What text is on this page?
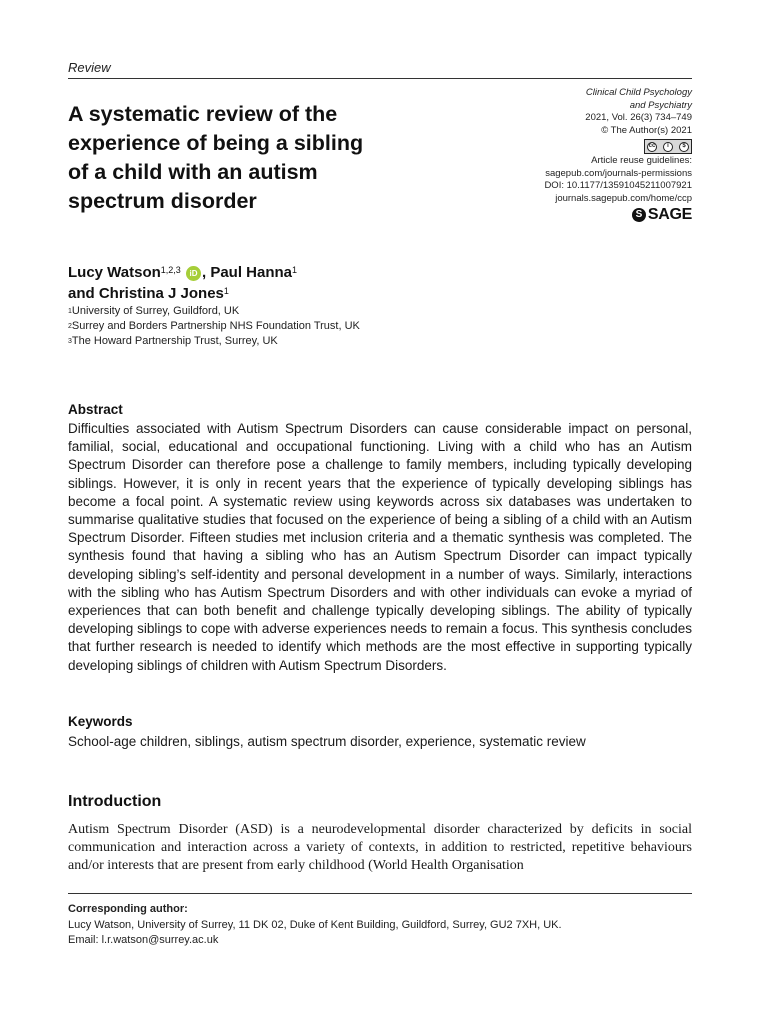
Review
A systematic review of the
experience of being a sibling
of a child with an autism
spectrum disorder
Clinical Child Psychology
and Psychiatry
2021, Vol. 26(3) 734–749
© The Author(s) 2021
cc	i	$
Article reuse guidelines:
sagepub.com/journals-permissions
DOI: 10.1177/13591045211007921
journals.sagepub.com/home/ccp
S SAGE
Lucy Watson$^{1,2,3}$ iD , Paul Hanna$^1$
and Christina J Jones$^1$
$^1$University of Surrey, Guildford, UK
$^2$Surrey and Borders Partnership NHS Foundation Trust, UK
$^3$The Howard Partnership Trust, Surrey, UK
Abstract

Difficulties associated with Autism Spectrum Disorders can cause considerable impact on personal, familial, social, educational and occupational functioning. Living with a child who has an Autism Spectrum Disorder can therefore pose a challenge to family members, including typically developing siblings. However, it is only in recent years that the experience of typically developing siblings has become a focal point. A systematic review using keywords across six databases was undertaken to summarise qualitative studies that focused on the experience of being a sibling of a child with an Autism Spectrum Disorder. Fifteen studies met inclusion criteria and a thematic synthesis was completed. The synthesis found that having a sibling who has an Autism Spectrum Disorder can impact typically developing sibling’s self-identity and personal development in a number of ways. Similarly, interactions with the sibling who has Autism Spectrum Disorders and with other individuals can evoke a myriad of experiences that can both benefit and challenge typically developing siblings. The ability of typically developing siblings to cope with adverse experiences needs to remain a focus. This synthesis concludes that further research is needed to identify which methods are the most effective in supporting typically developing siblings of children with Autism Spectrum Disorders.

Keywords
School-age children, siblings, autism spectrum disorder, experience, systematic review
Introduction

Autism Spectrum Disorder (ASD) is a neurodevelopmental disorder characterized by deficits in social communication and interaction across a variety of contexts, in addition to restricted, repetitive behaviours and/or interests that are present from early childhood (World Health Organisation

Corresponding author:
Lucy Watson, University of Surrey, 11 DK 02, Duke of Kent Building, Guildford, Surrey, GU2 7XH, UK.
Email: l.r.watson@surrey.ac.uk
